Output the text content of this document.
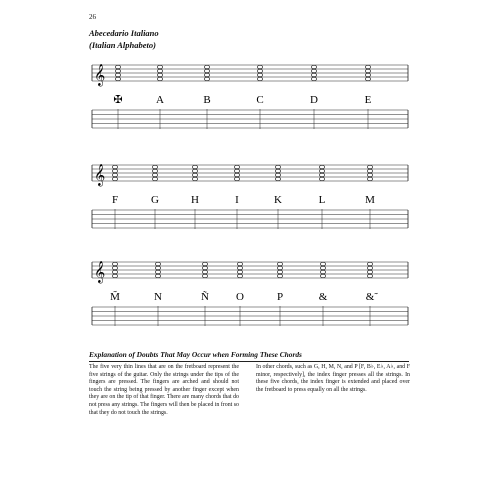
26
Abecedario Italiano
(Italian Alphabeto)
𝄞
✠	A	B	C	D	E
𝄞
F	G	H	I	K	L	M
𝄞
M̃	N	Ñ O	P	&	&̃
Explanation of Doubts That May Occur when Forming These Chords
The five very thin lines that are on the fretboard represent the five strings of the guitar. Only the strings under the tips of the fingers are pressed. The fingers are arched and should not touch the string being pressed by another finger except when they are on the tip of that finger. There are many chords that do not press any strings. The fingers will then be placed in front so that they do not touch the strings.
In other chords, such as G, H, M, N, and P [F, B♭, E♭, A♭, and F minor, respectively], the index finger presses all the strings. In these five chords, the index finger is extended and placed over the fretboard to press equally on all the strings.
